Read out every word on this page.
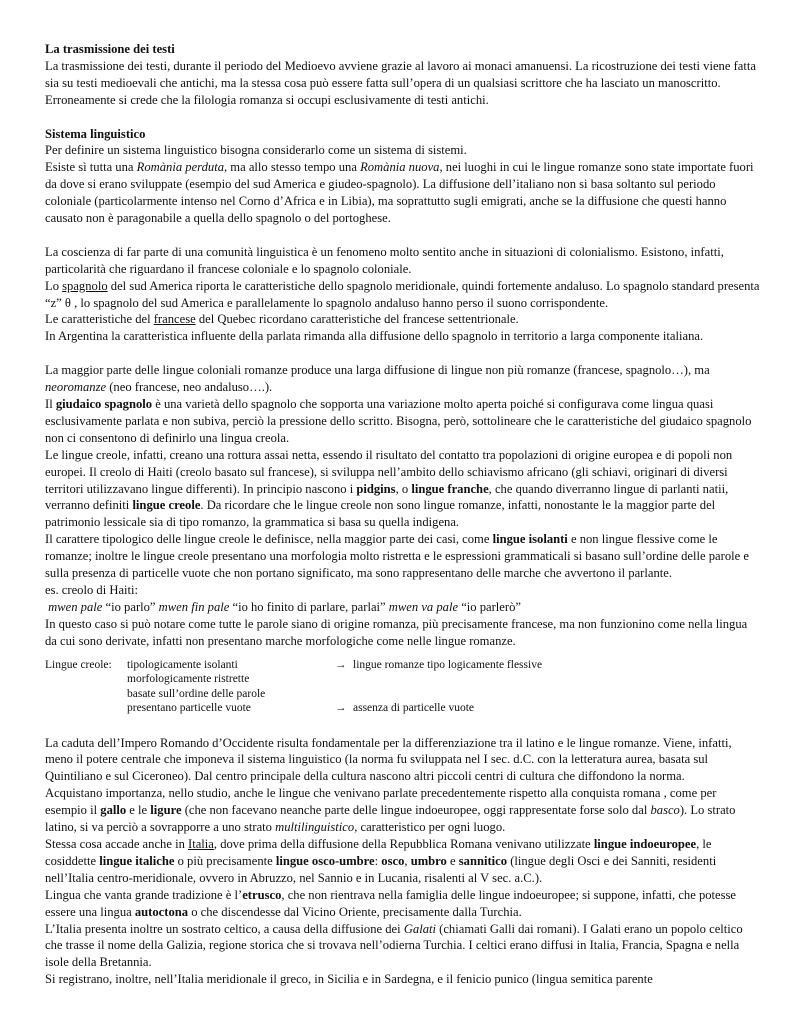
La trasmissione dei testi

La trasmissione dei testi, durante il periodo del Medioevo avviene grazie al lavoro ai monaci amanuensi. La ricostruzione dei testi viene fatta sia su testi medioevali che antichi, ma la stessa cosa può essere fatta sull’opera di un qualsiasi scrittore che ha lasciato un manoscritto. Erroneamente si crede che la filologia romanza si occupi esclusivamente di testi antichi.

Sistema linguistico

Per definire un sistema linguistico bisogna considerarlo come un sistema di sistemi.

Esiste sì tutta una Romània perduta, ma allo stesso tempo una Romània nuova, nei luoghi in cui le lingue romanze sono state importate fuori da dove si erano sviluppate (esempio del sud America e giudeo-spagnolo). La diffusione dell’italiano non si basa soltanto sul periodo coloniale (particolarmente intenso nel Corno d’Africa e in Libia), ma soprattutto sugli emigrati, anche se la diffusione che questi hanno causato non è paragonabile a quella dello spagnolo o del portoghese.

La coscienza di far parte di una comunità linguistica è un fenomeno molto sentito anche in situazioni di colonialismo. Esistono, infatti, particolarità che riguardano il francese coloniale e lo spagnolo coloniale.

Lo spagnolo del sud America riporta le caratteristiche dello spagnolo meridionale, quindi fortemente andaluso. Lo spagnolo standard presenta “z” θ , lo spagnolo del sud America e parallelamente lo spagnolo andaluso hanno perso il suono corrispondente.

Le caratteristiche del francese del Quebec ricordano caratteristiche del francese settentrionale.

In Argentina la caratteristica influente della parlata rimanda alla diffusione dello spagnolo in territorio a larga componente italiana.

La maggior parte delle lingue coloniali romanze produce una larga diffusione di lingue non più romanze (francese, spagnolo…), ma neoromanze (neo francese, neo andaluso….).

Il giudaico spagnolo è una varietà dello spagnolo che sopporta una variazione molto aperta poiché si configurava come lingua quasi esclusivamente parlata e non subiva, perciò la pressione dello scritto. Bisogna, però, sottolineare che le caratteristiche del giudaico spagnolo non ci consentono di definirlo una lingua creola.

Le lingue creole, infatti, creano una rottura assai netta, essendo il risultato del contatto tra popolazioni di origine europea e di popoli non europei. Il creolo di Haiti (creolo basato sul francese), si sviluppa nell’ambito dello schiavismo africano (gli schiavi, originari di diversi territori utilizzavano lingue differenti). In principio nascono i pidgins, o lingue franche, che quando diverranno lingue di parlanti natii, verranno definiti lingue creole. Da ricordare che le lingue creole non sono lingue romanze, infatti, nonostante le la maggior parte del patrimonio lessicale sia di tipo romanzo, la grammatica si basa su quella indigena.

Il carattere tipologico delle lingue creole le definisce, nella maggior parte dei casi, come lingue isolanti e non lingue flessive come le romanze; inoltre le lingue creole presentano una morfologia molto ristretta e le espressioni grammaticali si basano sull’ordine delle parole e sulla presenza di particelle vuote che non portano significato, ma sono rappresentano delle marche che avvertono il parlante.

es. creolo di Haiti:

mwen pale “io parlo” mwen fin pale “io ho finito di parlare, parlai” mwen va pale “io parlerò”

In questo caso si può notare come tutte le parole siano di origine romanza, più precisamente francese, ma non funzionino come nella lingua da cui sono derivate, infatti non presentano marche morfologiche come nelle lingue romanze.

Lingue creole:	tipologicamente isolanti	→ lingue romanze tipo logicamente flessive
morfologicamente ristrette
basate sull’ordine delle parole
presentano particelle vuote	→ assenza di particelle vuote

La caduta dell’Impero Romando d’Occidente risulta fondamentale per la differenziazione tra il latino e le lingue romanze. Viene, infatti, meno il potere centrale che imponeva il sistema linguistico (la norma fu sviluppata nel I sec. d.C. con la letteratura aurea, basata sul Quintiliano e sul Ciceroneo). Dal centro principale della cultura nascono altri piccoli centri di cultura che diffondono la norma.

Acquistano importanza, nello studio, anche le lingue che venivano parlate precedentemente rispetto alla conquista romana , come per esempio il gallo e le ligure (che non facevano neanche parte delle lingue indoeuropee, oggi rappresentate forse solo dal basco). Lo strato latino, si va perciò a sovrapporre a uno strato multilinguistico, caratteristico per ogni luogo.

Stessa cosa accade anche in Italia, dove prima della diffusione della Repubblica Romana venivano utilizzate lingue indoeuropee, le cosiddette lingue italiche o più precisamente lingue osco-umbre: osco, umbro e sannitico (lingue degli Osci e dei Sanniti, residenti nell’Italia centro-meridionale, ovvero in Abruzzo, nel Sannio e in Lucania, risalenti al V sec. a.C.).

Lingua che vanta grande tradizione è l’etrusco, che non rientrava nella famiglia delle lingue indoeuropee; si suppone, infatti, che potesse essere una lingua autoctona o che discendesse dal Vicino Oriente, precisamente dalla Turchia.

L’Italia presenta inoltre un sostrato celtico, a causa della diffusione dei Galati (chiamati Galli dai romani). I Galati erano un popolo celtico che trasse il nome della Galizia, regione storica che si trovava nell’odierna Turchia. I celtici erano diffusi in Italia, Francia, Spagna e nella isole della Bretannia.

Si registrano, inoltre, nell’Italia meridionale il greco, in Sicilia e in Sardegna, e il fenicio punico (lingua semitica parente
